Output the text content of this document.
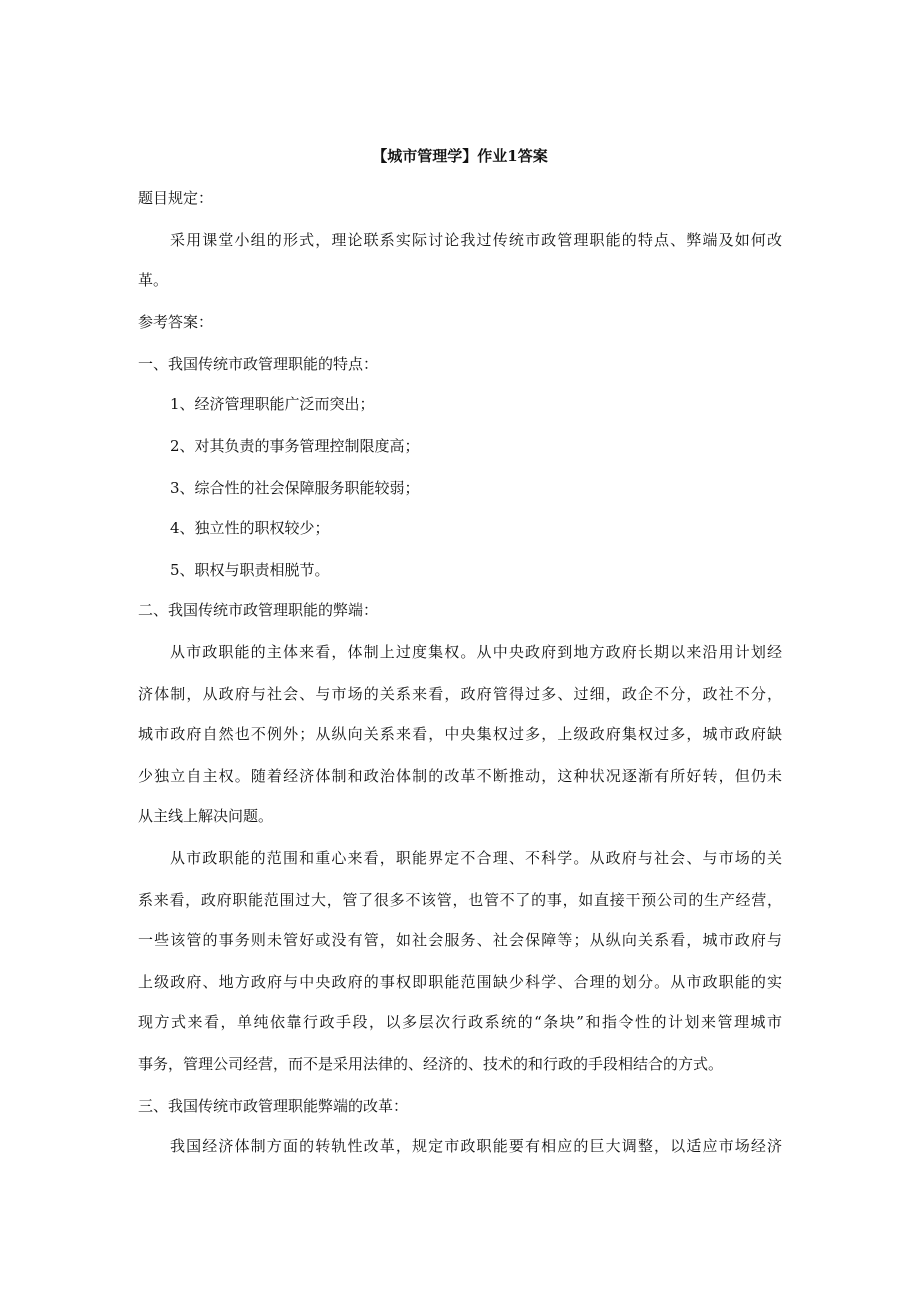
【城市管理学】作业1答案
题目规定：
采用课堂小组的形式，理论联系实际讨论我过传统市政管理职能的特点、弊端及如何改
革。
参考答案：
一、我国传统市政管理职能的特点：
1、经济管理职能广泛而突出；
2、对其负责的事务管理控制限度高；
3、综合性的社会保障服务职能较弱；
4、独立性的职权较少；
5、职权与职责相脱节。
二、我国传统市政管理职能的弊端：
从市政职能的主体来看，体制上过度集权。从中央政府到地方政府长期以来沿用计划经
济体制，从政府与社会、与市场的关系来看，政府管得过多、过细，政企不分，政社不分，
城市政府自然也不例外；从纵向关系来看，中央集权过多，上级政府集权过多，城市政府缺
少独立自主权。随着经济体制和政治体制的改革不断推动，这种状况逐渐有所好转，但仍未
从主线上解决问题。
从市政职能的范围和重心来看，职能界定不合理、不科学。从政府与社会、与市场的关
系来看，政府职能范围过大，管了很多不该管，也管不了的事，如直接干预公司的生产经营，
一些该管的事务则未管好或没有管，如社会服务、社会保障等；从纵向关系看，城市政府与
上级政府、地方政府与中央政府的事权即职能范围缺少科学、合理的划分。从市政职能的实
现方式来看，单纯依靠行政手段，以多层次行政系统的“条块”和指令性的计划来管理城市
事务，管理公司经营，而不是采用法律的、经济的、技术的和行政的手段相结合的方式。
三、我国传统市政管理职能弊端的改革：
我国经济体制方面的转轨性改革，规定市政职能要有相应的巨大调整，以适应市场经济
